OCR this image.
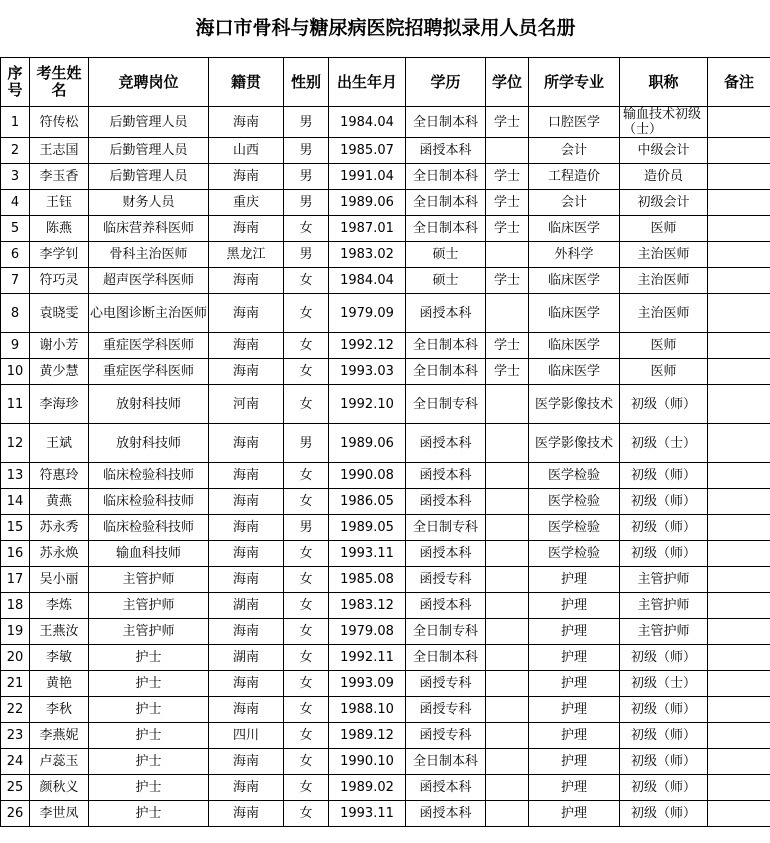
海口市骨科与糖尿病医院招聘拟录用人员名册										
序号	考生姓名	竞聘岗位	籍贯	性别	出生年月	学历	学位	所学专业	职称	备注
1	符传松	后勤管理人员	海南	男	1984.04	全日制本科	学士	口腔医学	输血技术初级（士）	
2	王志国	后勤管理人员	山西	男	1985.07	函授本科		会计	中级会计	
3	李玉香	后勤管理人员	海南	男	1991.04	全日制本科	学士	工程造价	造价员	
4	王钰	财务人员	重庆	男	1989.06	全日制本科	学士	会计	初级会计	
5	陈燕	临床营养科医师	海南	女	1987.01	全日制本科	学士	临床医学	医师	
6	李学钊	骨科主治医师	黑龙江	男	1983.02	硕士		外科学	主治医师	
7	符巧灵	超声医学科医师	海南	女	1984.04	硕士	学士	临床医学	主治医师	
8	袁晓雯	心电图诊断主治医师	海南	女	1979.09	函授本科		临床医学	主治医师	
9	谢小芳	重症医学科医师	海南	女	1992.12	全日制本科	学士	临床医学	医师	
10	黄少慧	重症医学科医师	海南	女	1993.03	全日制本科	学士	临床医学	医师	
11	李海珍	放射科技师	河南	女	1992.10	全日制专科		医学影像技术	初级（师）	
12	王斌	放射科技师	海南	男	1989.06	函授本科		医学影像技术	初级（士）	
13	符惠玲	临床检验科技师	海南	女	1990.08	函授本科		医学检验	初级（师）	
14	黄燕	临床检验科技师	海南	女	1986.05	函授本科		医学检验	初级（师）	
15	苏永秀	临床检验科技师	海南	男	1989.05	全日制专科		医学检验	初级（师）	
16	苏永焕	输血科技师	海南	女	1993.11	函授本科		医学检验	初级（师）	
17	吴小丽	主管护师	海南	女	1985.08	函授专科		护理	主管护师	
18	李炼	主管护师	湖南	女	1983.12	函授本科		护理	主管护师	
19	王燕汝	主管护师	海南	女	1979.08	全日制专科		护理	主管护师	
20	李敏	护士	湖南	女	1992.11	全日制本科		护理	初级（师）	
21	黄艳	护士	海南	女	1993.09	函授专科		护理	初级（士）	
22	李秋	护士	海南	女	1988.10	函授专科		护理	初级（师）	
23	李燕妮	护士	四川	女	1989.12	函授专科		护理	初级（师）	
24	卢蕊玉	护士	海南	女	1990.10	全日制本科		护理	初级（师）	
25	颜秋义	护士	海南	女	1989.02	函授本科		护理	初级（师）	
26	李世凤	护士	海南	女	1993.11	函授本科		护理	初级（师）	
